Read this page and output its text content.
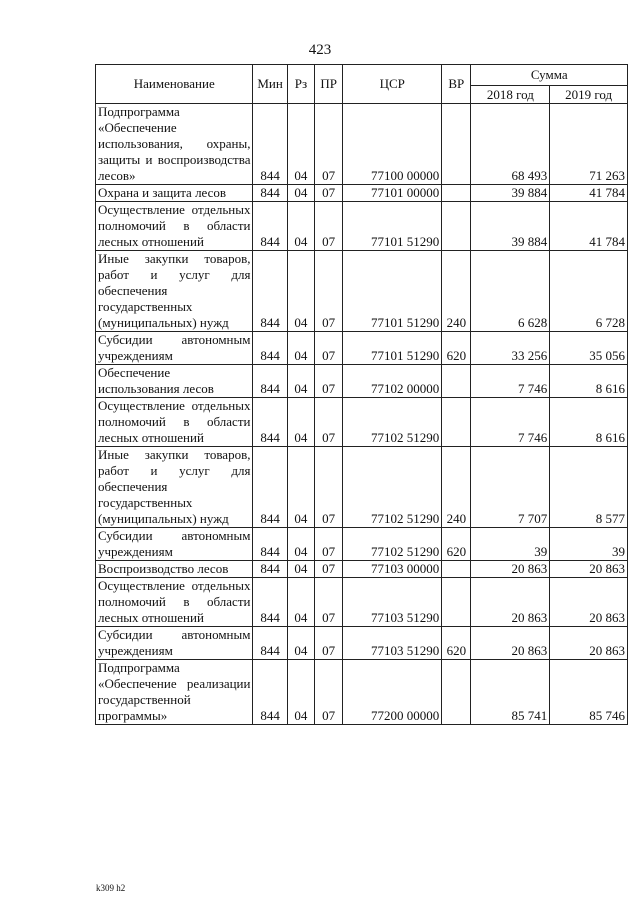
423
Наименование	Мин	Рз	ПР	ЦСР	ВР	Сумма	
						2018 год	2019 год
Подпрограмма «Обеспечение использования, охраны, защиты и воспроизводства лесов»	844	04	07	77100 00000		68 493	71 263
Охрана и защита лесов	844	04	07	77101 00000		39 884	41 784
Осуществление отдельных полномочий в области лесных отношений	844	04	07	77101 51290		39 884	41 784
Иные закупки товаров, работ и услуг для обеспечения государственных (муниципальных) нужд	844	04	07	77101 51290	240	6 628	6 728
Субсидии автономным учреждениям	844	04	07	77101 51290	620	33 256	35 056
Обеспечение использования лесов	844	04	07	77102 00000		7 746	8 616
Осуществление отдельных полномочий в области лесных отношений	844	04	07	77102 51290		7 746	8 616
Иные закупки товаров, работ и услуг для обеспечения государственных (муниципальных) нужд	844	04	07	77102 51290	240	7 707	8 577
Субсидии автономным учреждениям	844	04	07	77102 51290	620	39	39
Воспроизводство лесов	844	04	07	77103 00000		20 863	20 863
Осуществление отдельных полномочий в области лесных отношений	844	04	07	77103 51290		20 863	20 863
Субсидии автономным учреждениям	844	04	07	77103 51290	620	20 863	20 863
Подпрограмма «Обеспечение реализации государственной программы»	844	04	07	77200 00000		85 741	85 746
k309 h2
